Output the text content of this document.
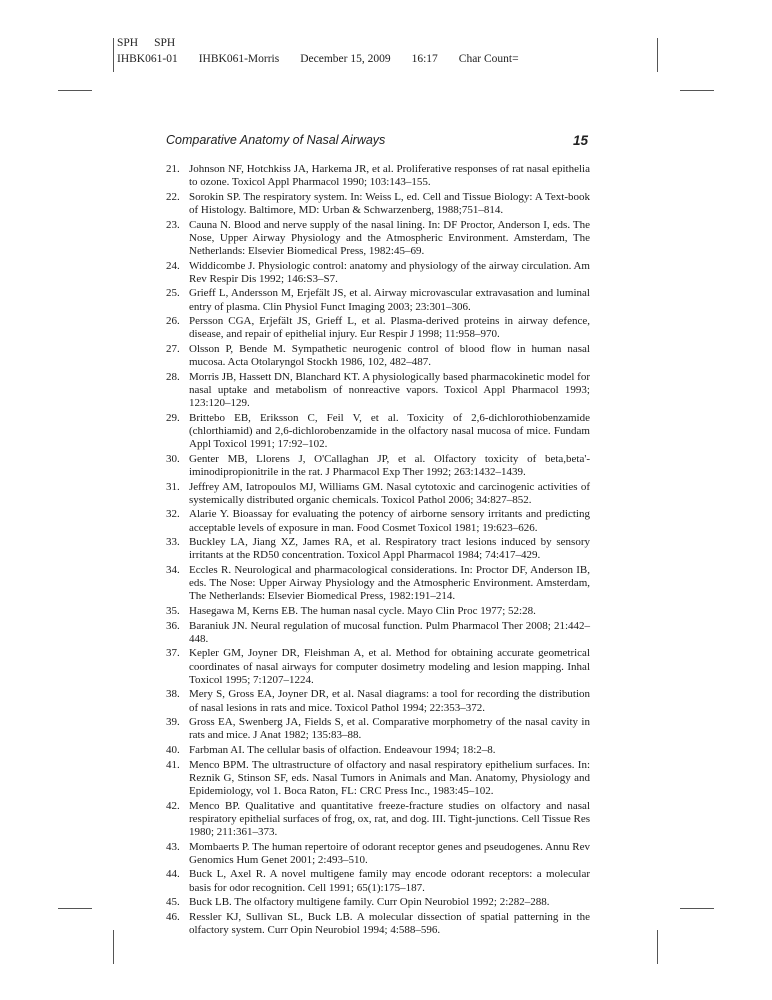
SPH SPH
IHBK061-01 IHBK061-Morris December 15, 2009 16:17 Char Count=
Comparative Anatomy of Nasal Airways	15
21. Johnson NF, Hotchkiss JA, Harkema JR, et al. Proliferative responses of rat nasal epithelia to ozone. Toxicol Appl Pharmacol 1990; 103:143–155.
22. Sorokin SP. The respiratory system. In: Weiss L, ed. Cell and Tissue Biology: A Text-book of Histology. Baltimore, MD: Urban & Schwarzenberg, 1988;751–814.
23. Cauna N. Blood and nerve supply of the nasal lining. In: DF Proctor, Anderson I, eds. The Nose, Upper Airway Physiology and the Atmospheric Environment. Amsterdam, The Netherlands: Elsevier Biomedical Press, 1982:45–69.
24. Widdicombe J. Physiologic control: anatomy and physiology of the airway circulation. Am Rev Respir Dis 1992; 146:S3–S7.
25. Grieff L, Andersson M, Erjefält JS, et al. Airway microvascular extravasation and luminal entry of plasma. Clin Physiol Funct Imaging 2003; 23:301–306.
26. Persson CGA, Erjefält JS, Grieff L, et al. Plasma-derived proteins in airway defence, disease, and repair of epithelial injury. Eur Respir J 1998; 11:958–970.
27. Olsson P, Bende M. Sympathetic neurogenic control of blood flow in human nasal mucosa. Acta Otolaryngol Stockh 1986, 102, 482–487.
28. Morris JB, Hassett DN, Blanchard KT. A physiologically based pharmacokinetic model for nasal uptake and metabolism of nonreactive vapors. Toxicol Appl Pharmacol 1993; 123:120–129.
29. Brittebo EB, Eriksson C, Feil V, et al. Toxicity of 2,6-dichlorothiobenzamide (chlorthiamid) and 2,6-dichlorobenzamide in the olfactory nasal mucosa of mice. Fundam Appl Toxicol 1991; 17:92–102.
30. Genter MB, Llorens J, O'Callaghan JP, et al. Olfactory toxicity of beta,beta'-iminodipropionitrile in the rat. J Pharmacol Exp Ther 1992; 263:1432–1439.
31. Jeffrey AM, Iatropoulos MJ, Williams GM. Nasal cytotoxic and carcinogenic activities of systemically distributed organic chemicals. Toxicol Pathol 2006; 34:827–852.
32. Alarie Y. Bioassay for evaluating the potency of airborne sensory irritants and predicting acceptable levels of exposure in man. Food Cosmet Toxicol 1981; 19:623–626.
33. Buckley LA, Jiang XZ, James RA, et al. Respiratory tract lesions induced by sensory irritants at the RD50 concentration. Toxicol Appl Pharmacol 1984; 74:417–429.
34. Eccles R. Neurological and pharmacological considerations. In: Proctor DF, Anderson IB, eds. The Nose: Upper Airway Physiology and the Atmospheric Environment. Amsterdam, The Netherlands: Elsevier Biomedical Press, 1982:191–214.
35. Hasegawa M, Kerns EB. The human nasal cycle. Mayo Clin Proc 1977; 52:28.
36. Baraniuk JN. Neural regulation of mucosal function. Pulm Pharmacol Ther 2008; 21:442–448.
37. Kepler GM, Joyner DR, Fleishman A, et al. Method for obtaining accurate geometrical coordinates of nasal airways for computer dosimetry modeling and lesion mapping. Inhal Toxicol 1995; 7:1207–1224.
38. Mery S, Gross EA, Joyner DR, et al. Nasal diagrams: a tool for recording the distribution of nasal lesions in rats and mice. Toxicol Pathol 1994; 22:353–372.
39. Gross EA, Swenberg JA, Fields S, et al. Comparative morphometry of the nasal cavity in rats and mice. J Anat 1982; 135:83–88.
40. Farbman AI. The cellular basis of olfaction. Endeavour 1994; 18:2–8.
41. Menco BPM. The ultrastructure of olfactory and nasal respiratory epithelium surfaces. In: Reznik G, Stinson SF, eds. Nasal Tumors in Animals and Man. Anatomy, Physiology and Epidemiology, vol 1. Boca Raton, FL: CRC Press Inc., 1983:45–102.
42. Menco BP. Qualitative and quantitative freeze-fracture studies on olfactory and nasal respiratory epithelial surfaces of frog, ox, rat, and dog. III. Tight-junctions. Cell Tissue Res 1980; 211:361–373.
43. Mombaerts P. The human repertoire of odorant receptor genes and pseudogenes. Annu Rev Genomics Hum Genet 2001; 2:493–510.
44. Buck L, Axel R. A novel multigene family may encode odorant receptors: a molecular basis for odor recognition. Cell 1991; 65(1):175–187.
45. Buck LB. The olfactory multigene family. Curr Opin Neurobiol 1992; 2:282–288.
46. Ressler KJ, Sullivan SL, Buck LB. A molecular dissection of spatial patterning in the olfactory system. Curr Opin Neurobiol 1994; 4:588–596.
